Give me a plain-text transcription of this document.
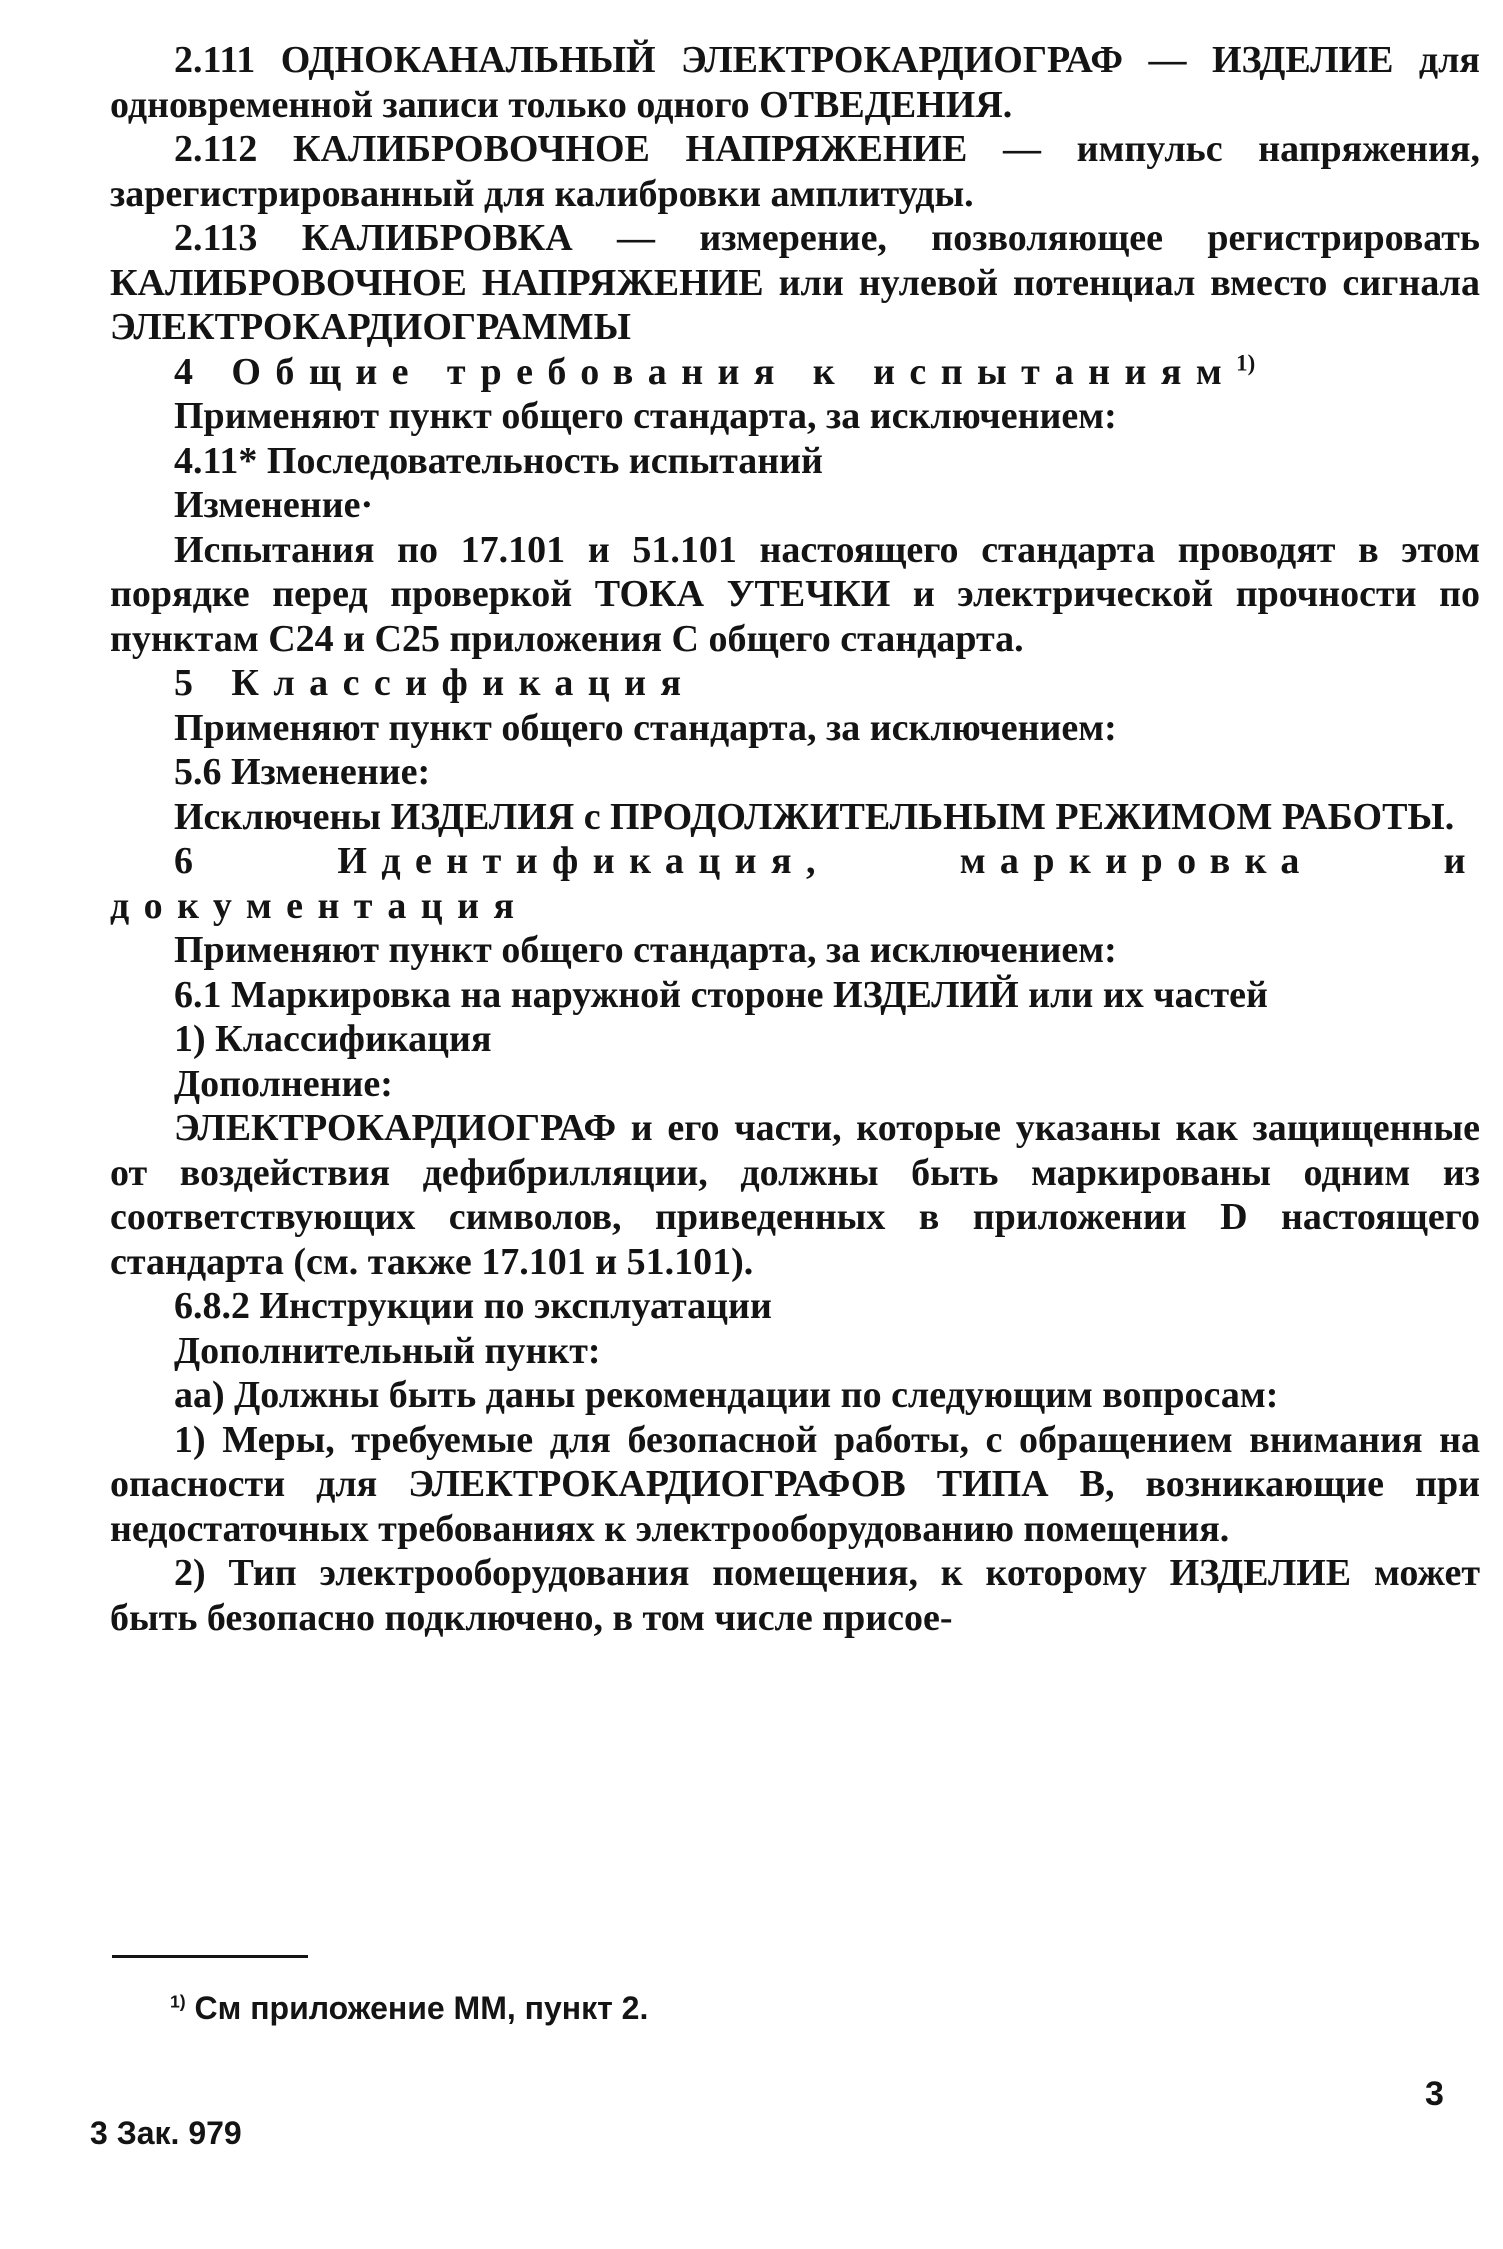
2.111 ОДНОКАНАЛЬНЫЙ ЭЛЕКТРОКАРДИОГРАФ — ИЗДЕЛИЕ для одновременной записи только одного ОТВЕДЕНИЯ.

2.112 КАЛИБРОВОЧНОЕ НАПРЯЖЕНИЕ — импульс напряжения, зарегистрированный для калибровки амплитуды.

2.113 КАЛИБРОВКА — измерение, позволяющее регистрировать КАЛИБРОВОЧНОЕ НАПРЯЖЕНИЕ или нулевой потенциал вместо сигнала ЭЛЕКТРОКАРДИОГРАММЫ

4 Общие требования к испытаниям$^{1)}$

Применяют пункт общего стандарта, за исключением:

4.11* Последовательность испытаний

Изменение·

Испытания по 17.101 и 51.101 настоящего стандарта проводят в этом порядке перед проверкой ТОКА УТЕЧКИ и электрической прочности по пунктам С24 и С25 приложения С общего стандарта.

5 Классификация

Применяют пункт общего стандарта, за исключением:

5.6 Изменение:

Исключены ИЗДЕЛИЯ с ПРОДОЛЖИТЕЛЬНЫМ РЕЖИМОМ РАБОТЫ.

6 Идентификация, маркировка и документация

Применяют пункт общего стандарта, за исключением:

6.1 Маркировка на наружной стороне ИЗДЕЛИЙ или их частей

1) Классификация

Дополнение:

ЭЛЕКТРОКАРДИОГРАФ и его части, которые указаны как защищенные от воздействия дефибрилляции, должны быть маркированы одним из соответствующих символов, приведенных в приложении D настоящего стандарта (см. также 17.101 и 51.101).

6.8.2 Инструкции по эксплуатации

Дополнительный пункт:

аа) Должны быть даны рекомендации по следующим вопросам:

1) Меры, требуемые для безопасной работы, с обращением внимания на опасности для ЭЛЕКТРОКАРДИОГРАФОВ ТИПА В, возникающие при недостаточных требованиях к электрооборудованию помещения.

2) Тип электрооборудования помещения, к которому ИЗДЕЛИЕ может быть безопасно подключено, в том числе присое-

$^{1)}$ См приложение ММ, пункт 2.
3
3 Зак. 979
